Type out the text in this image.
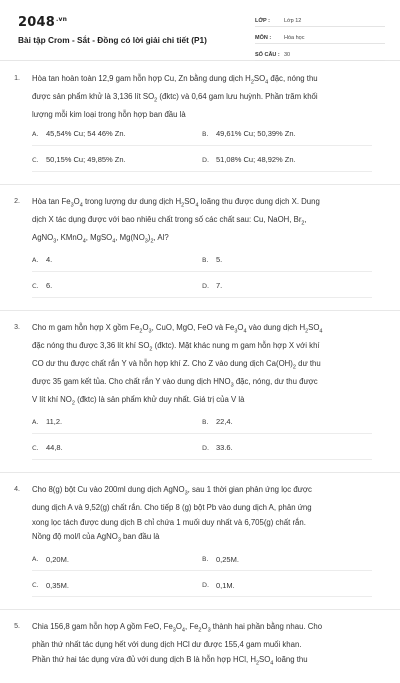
$2048^{.vn}$
Bài tập Crom - Sắt - Đồng có lời giải chi tiết (P1)
LỚP :	Lớp 12
MÔN :	Hóa học
SỐ CÂU : 30
1.	Hòa tan hoàn toàn 12,9 gam hỗn hợp Cu, Zn bằng dung dịch $H_2SO_4$ đặc, nóng thu
được sản phẩm khử là 3,136 lít $SO_2$ (đktc) và 0,64 gam lưu huỳnh. Phần trăm khối
lượng mỗi kim loại trong hỗn hợp ban đầu là
A.	45,54% Cu; 54 46% Zn.	B. 49,61% Cu; 50,39% Zn.
C. 50,15% Cu; 49,85% Zn.	D. 51,08% Cu; 48,92% Zn.
2.	Hòa $\tan Fe_3O_4$ trong lượng dư dung dịch $H_2SO_4$ loãng thu được dung dịch X. Dung
dịch X tác dụng được với bao nhiêu chất trong số các chất sau: Cu, NaOH, $Br_2$,
AgNO$_3$, KMnO$_4$, MgSO$_4$, $Mg(NO_3)_2$, Al?
A.	4.	B. 5.
C. 6.	D. 7.
3.	Cho m gam hỗn hợp X gồm $Fe_2O_3$, CuO, MgO, FeO và $Fe_3O_4$ vào dung dịch $H_2SO_4$
đặc nóng thu được 3,36 lít khí $SO_2$ (đktc). Mặt khác nung m gam hỗn hợp X với khí
CO dư thu được chất rắn Y và hỗn hợp khí Z. Cho Z vào dung dịch $Ca(OH)_2$ dư thu
được 35 gam kết tủa. Cho chất rắn Y vào dung dịch $HNO_3$ đặc, nóng, dư thu được
V lít khí $NO_2$ (đktc) là sản phẩm khử duy nhất. Giá trị của V là
A.	11,2.	B. 22,4.
C. 44,8.	D. 33.6.
4.	Cho 8(g) bột Cu vào 200ml dung dịch AgNO$_3$, sau 1 thời gian phản ứng lọc được
dung dịch A và 9,52(g) chất rắn. Cho tiếp 8 (g) bột Pb vào dung dịch A, phản ứng
xong lọc tách được dung dịch B chỉ chứa 1 muối duy nhất và 6,705(g) chất rắn.
Nồng độ mol/l của AgNO$_3$ ban đầu là
A.	0,20M.	B. 0,25M.
C. 0,35M.	D. 0,1M.
5.	Chia 156,8 gam hỗn hợp A gồm FeO, $Fe_3O_4$, $Fe_2O_3$ thành hai phần bằng nhau. Cho
phần thứ nhất tác dụng hết với dung dịch HCl dư được 155,4 gam muối khan.
Phần thứ hai tác dụng vừa đủ với dung dịch B là hỗn hợp HCl, $H_2SO_4$ loãng thu
